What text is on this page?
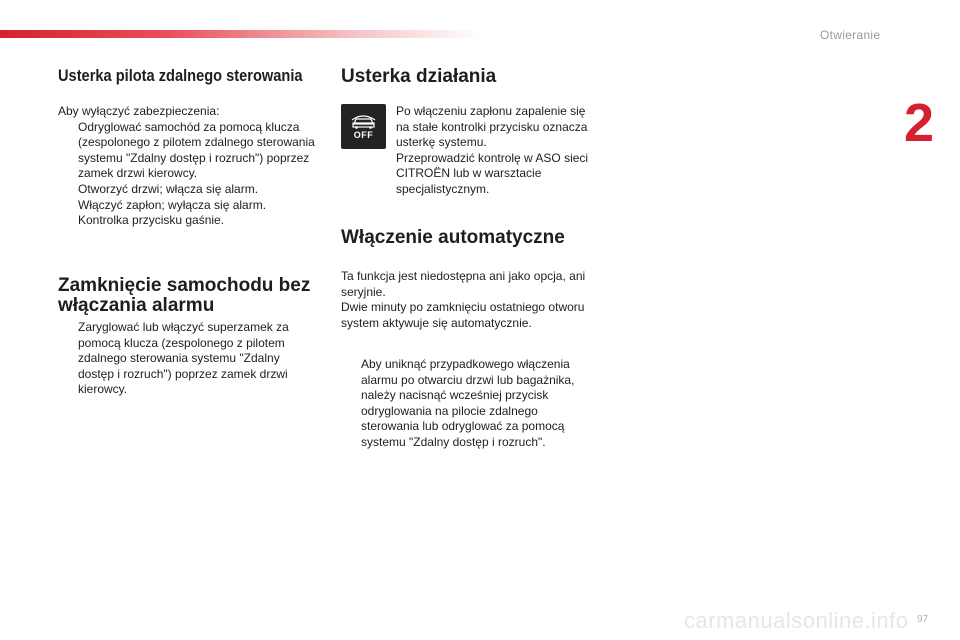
Otwieranie
2
Usterka pilota zdalnego sterowania

Aby wyłączyć zabezpieczenia:

Odryglować samochód za pomocą klucza (zespolonego z pilotem zdalnego sterowania systemu "Zdalny dostęp i rozruch") poprzez zamek drzwi kierowcy.
Otworzyć drzwi; włącza się alarm.
Włączyć zapłon; wyłącza się alarm. Kontrolka przycisku gaśnie.
Zamknięcie samochodu bez włączania alarmu
Zaryglować lub włączyć superzamek za pomocą klucza (zespolonego z pilotem zdalnego sterowania systemu "Zdalny dostęp i rozruch") poprzez zamek drzwi kierowcy.
Usterka działania
OFF

Po włączeniu zapłonu zapalenie się na stałe kontrolki przycisku oznacza usterkę systemu.

Przeprowadzić kontrolę w ASO sieci CITROËN lub w warsztacie specjalistycznym.

Włączenie automatyczne

Ta funkcja jest niedostępna ani jako opcja, ani seryjnie.

Dwie minuty po zamknięciu ostatniego otworu system aktywuje się automatycznie.

Aby uniknąć przypadkowego włączenia alarmu po otwarciu drzwi lub bagażnika, należy nacisnąć wcześniej przycisk odryglowania na pilocie zdalnego sterowania lub odryglować za pomocą systemu "Zdalny dostęp i rozruch".
carmanualsonline.info 97
